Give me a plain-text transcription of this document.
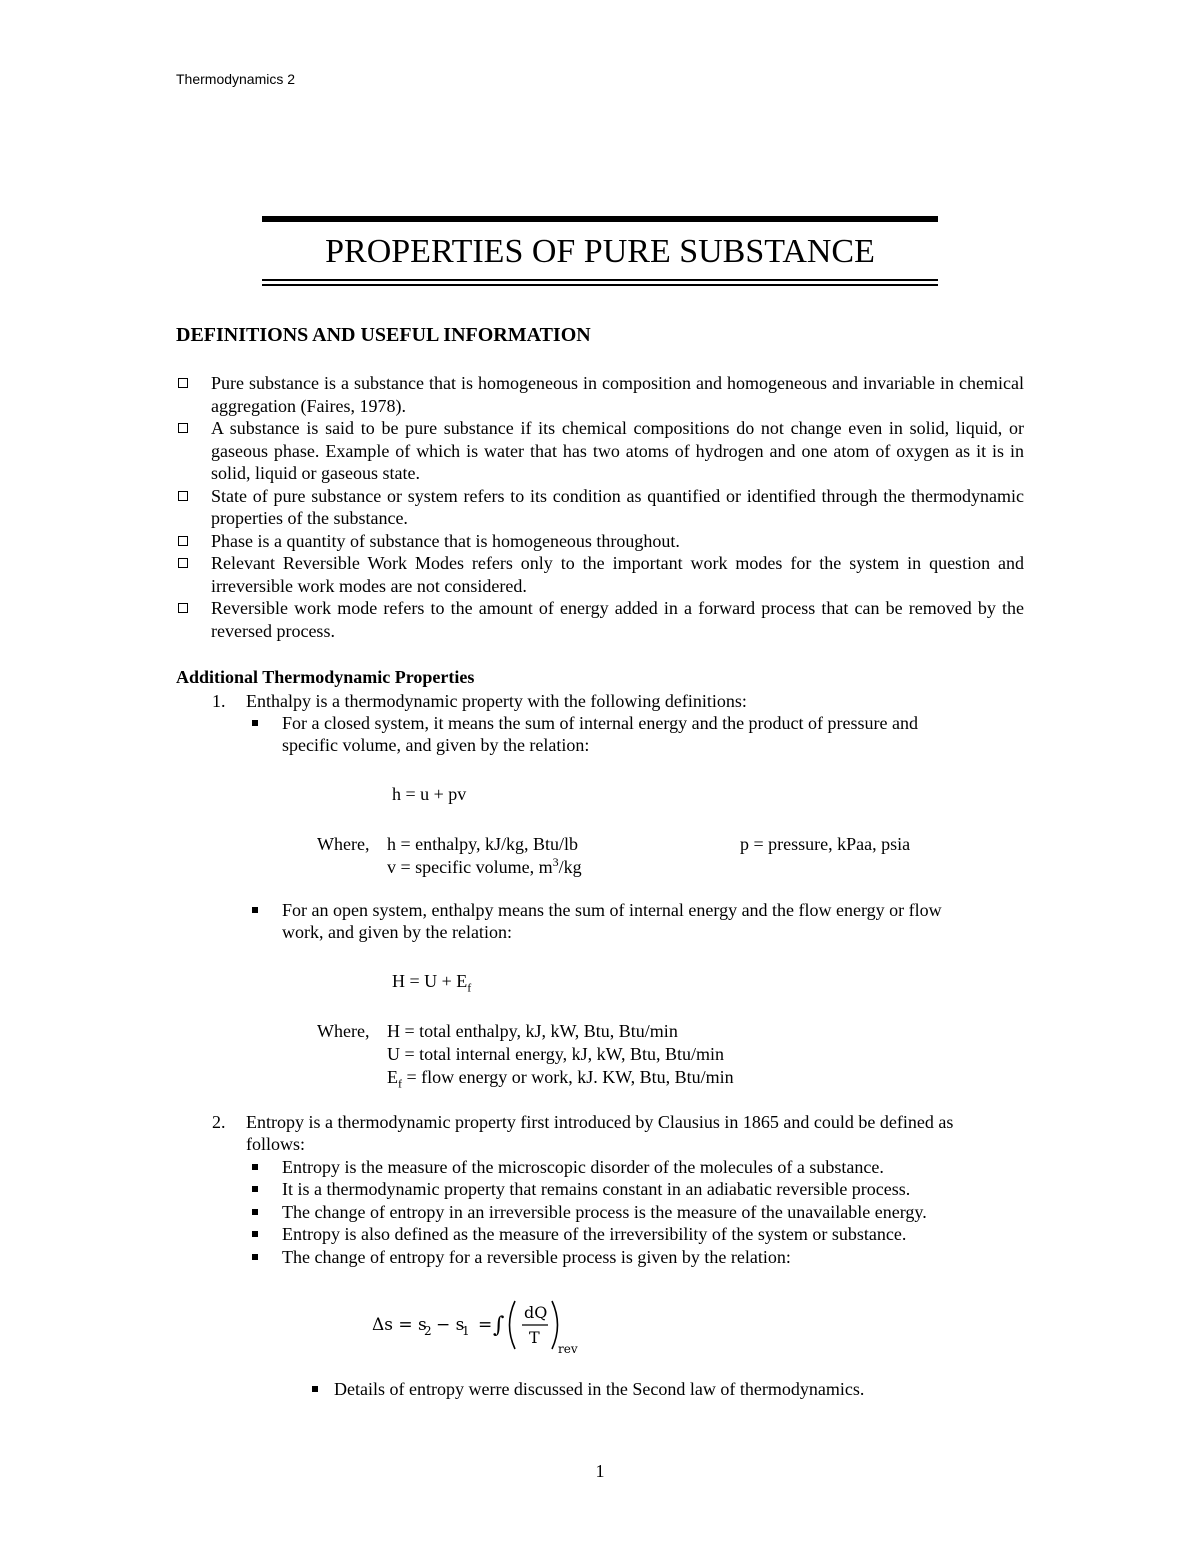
Thermodynamics 2
PROPERTIES OF PURE SUBSTANCE
DEFINITIONS AND USEFUL INFORMATION
Pure substance is a substance that is homogeneous in composition and homogeneous and invariable in chemical aggregation (Faires, 1978).
A substance is said to be pure substance if its chemical compositions do not change even in solid, liquid, or gaseous phase. Example of which is water that has two atoms of hydrogen and one atom of oxygen as it is in solid, liquid or gaseous state.
State of pure substance or system refers to its condition as quantified or identified through the thermodynamic properties of the substance.
Phase is a quantity of substance that is homogeneous throughout.
Relevant Reversible Work Modes refers only to the important work modes for the system in question and irreversible work modes are not considered.
Reversible work mode refers to the amount of energy added in a forward process that can be removed by the reversed process.
Additional Thermodynamic Properties
1. Enthalpy is a thermodynamic property with the following definitions:
For a closed system, it means the sum of internal energy and the product of pressure and
specific volume, and given by the relation:
h = u + pv
Where, h = enthalpy, kJ/kg, Btu/lb	p = pressure, kPaa, psia
v = specific volume, $m^3/kg$
For an open system, enthalpy means the sum of internal energy and the flow energy or flow
work, and given by the relation:
$H = U + E_f$
Where, H = total enthalpy, kJ, kW, Btu, Btu/min
U = total internal energy, kJ, kW, Btu, Btu/min
$E_f$ = flow energy or work, kJ. KW, Btu, Btu/min
2. Entropy is a thermodynamic property first introduced by Clausius in 1865 and could be defined as
follows:
Entropy is the measure of the microscopic disorder of the molecules of a substance.
It is a thermodynamic property that remains constant in an adiabatic reversible process.
The change of entropy in an irreversible process is the measure of the unavailable energy.
Entropy is also defined as the measure of the irreversibility of the system or substance.
The change of entropy for a reversible process is given by the relation:
Δs = s
2 − s
1 = ∫
dQ
T
rev
Details of entropy werre discussed in the Second law of thermodynamics.
1
